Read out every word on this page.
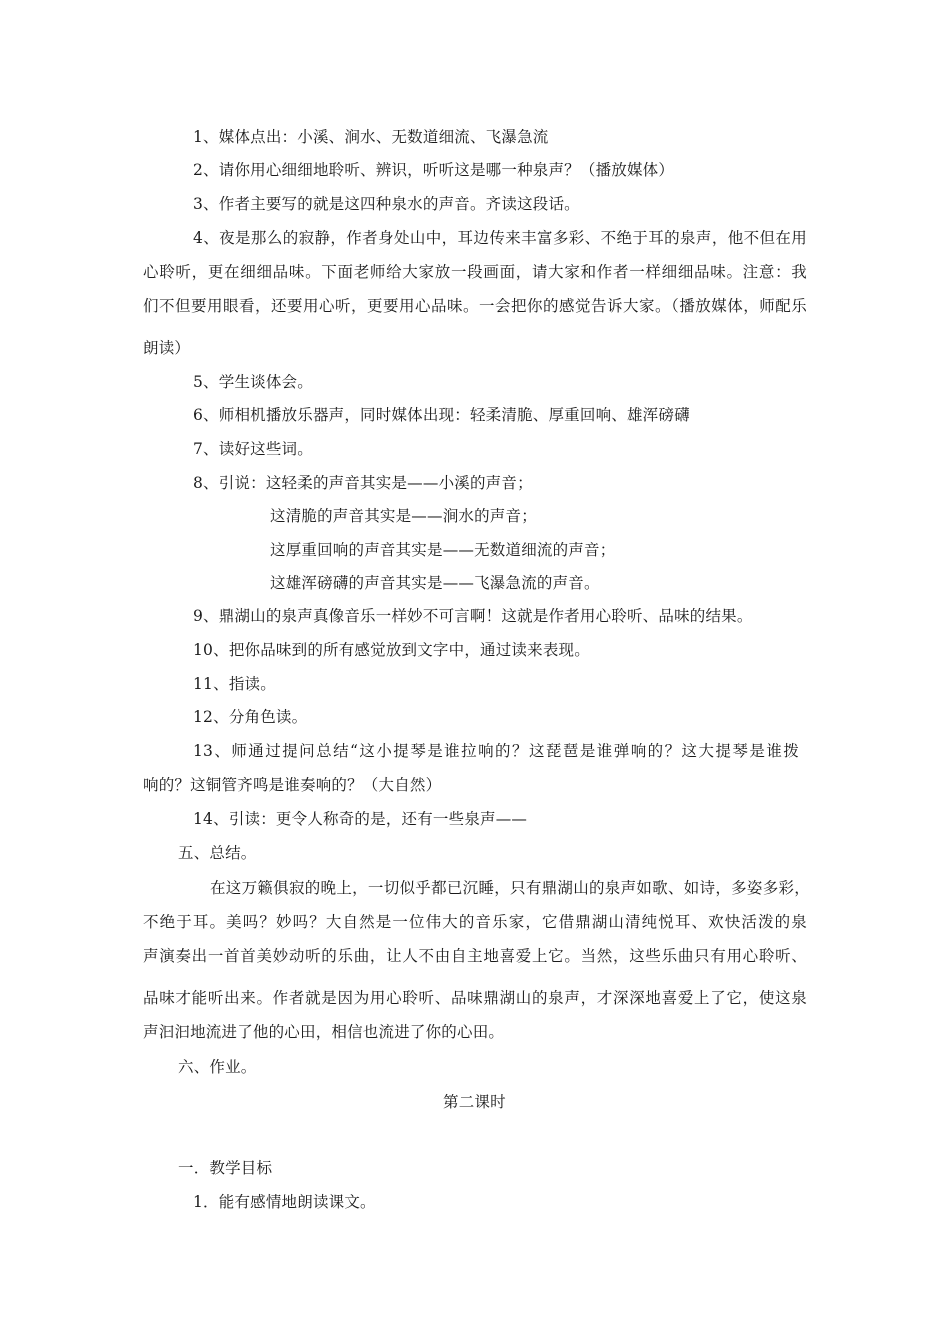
1、媒体点出：小溪、涧水、无数道细流、飞瀑急流
2、请你用心细细地聆听、辨识，听听这是哪一种泉声？（播放媒体）
3、作者主要写的就是这四种泉水的声音。齐读这段话。
4、夜是那么的寂静，作者身处山中，耳边传来丰富多彩、不绝于耳的泉声，他不但在用
心聆听，更在细细品味。下面老师给大家放一段画面，请大家和作者一样细细品味。注意：我
们不但要用眼看，还要用心听，更要用心品味。一会把你的感觉告诉大家。（播放媒体，师配乐
朗读）
5、学生谈体会。
6、师相机播放乐器声，同时媒体出现：轻柔清脆、厚重回响、雄浑磅礴
7、读好这些词。
8、引说：这轻柔的声音其实是——小溪的声音；
这清脆的声音其实是——涧水的声音；
这厚重回响的声音其实是——无数道细流的声音；
这雄浑磅礴的声音其实是——飞瀑急流的声音。
9、鼎湖山的泉声真像音乐一样妙不可言啊！这就是作者用心聆听、品味的结果。
10、把你品味到的所有感觉放到文字中，通过读来表现。
11、指读。
12、分角色读。
13、师通过提问总结“这小提琴是谁拉响的？这琵琶是谁弹响的？这大提琴是谁拨
响的？这铜管齐鸣是谁奏响的？（大自然）
14、引读：更令人称奇的是，还有一些泉声——
五、总结。
在这万籁俱寂的晚上，一切似乎都已沉睡，只有鼎湖山的泉声如歌、如诗，多姿多彩，
不绝于耳。美吗？妙吗？大自然是一位伟大的音乐家，它借鼎湖山清纯悦耳、欢快活泼的泉
声演奏出一首首美妙动听的乐曲，让人不由自主地喜爱上它。当然，这些乐曲只有用心聆听、
品味才能听出来。作者就是因为用心聆听、品味鼎湖山的泉声，才深深地喜爱上了它，使这泉
声汩汩地流进了他的心田，相信也流进了你的心田。
六、作业。
第二课时
一．教学目标
1．能有感情地朗读课文。
